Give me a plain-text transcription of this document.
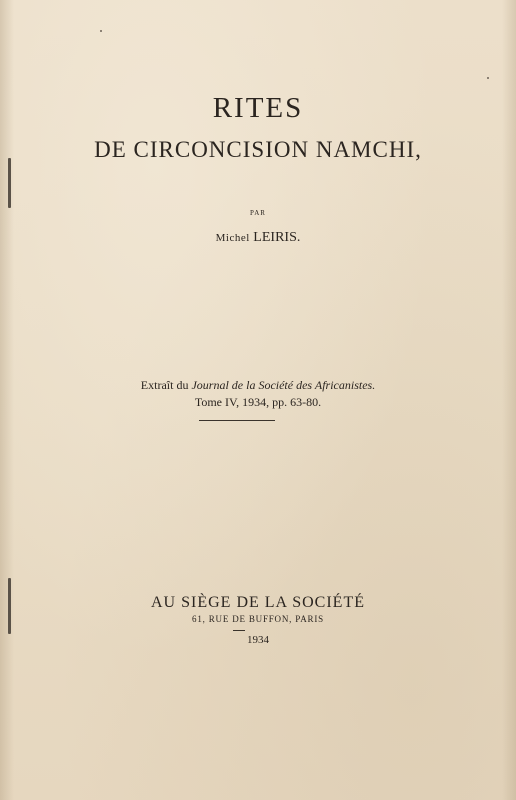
RITES
DE CIRCONCISION NAMCHI,
PAR
Michel LEIRIS.
Extraît du Journal de la Société des Africanistes.
Tome IV, 1934, pp. 63-80.
AU SIÈGE DE LA SOCIÉTÉ
61, RUE DE BUFFON, PARIS
1934
